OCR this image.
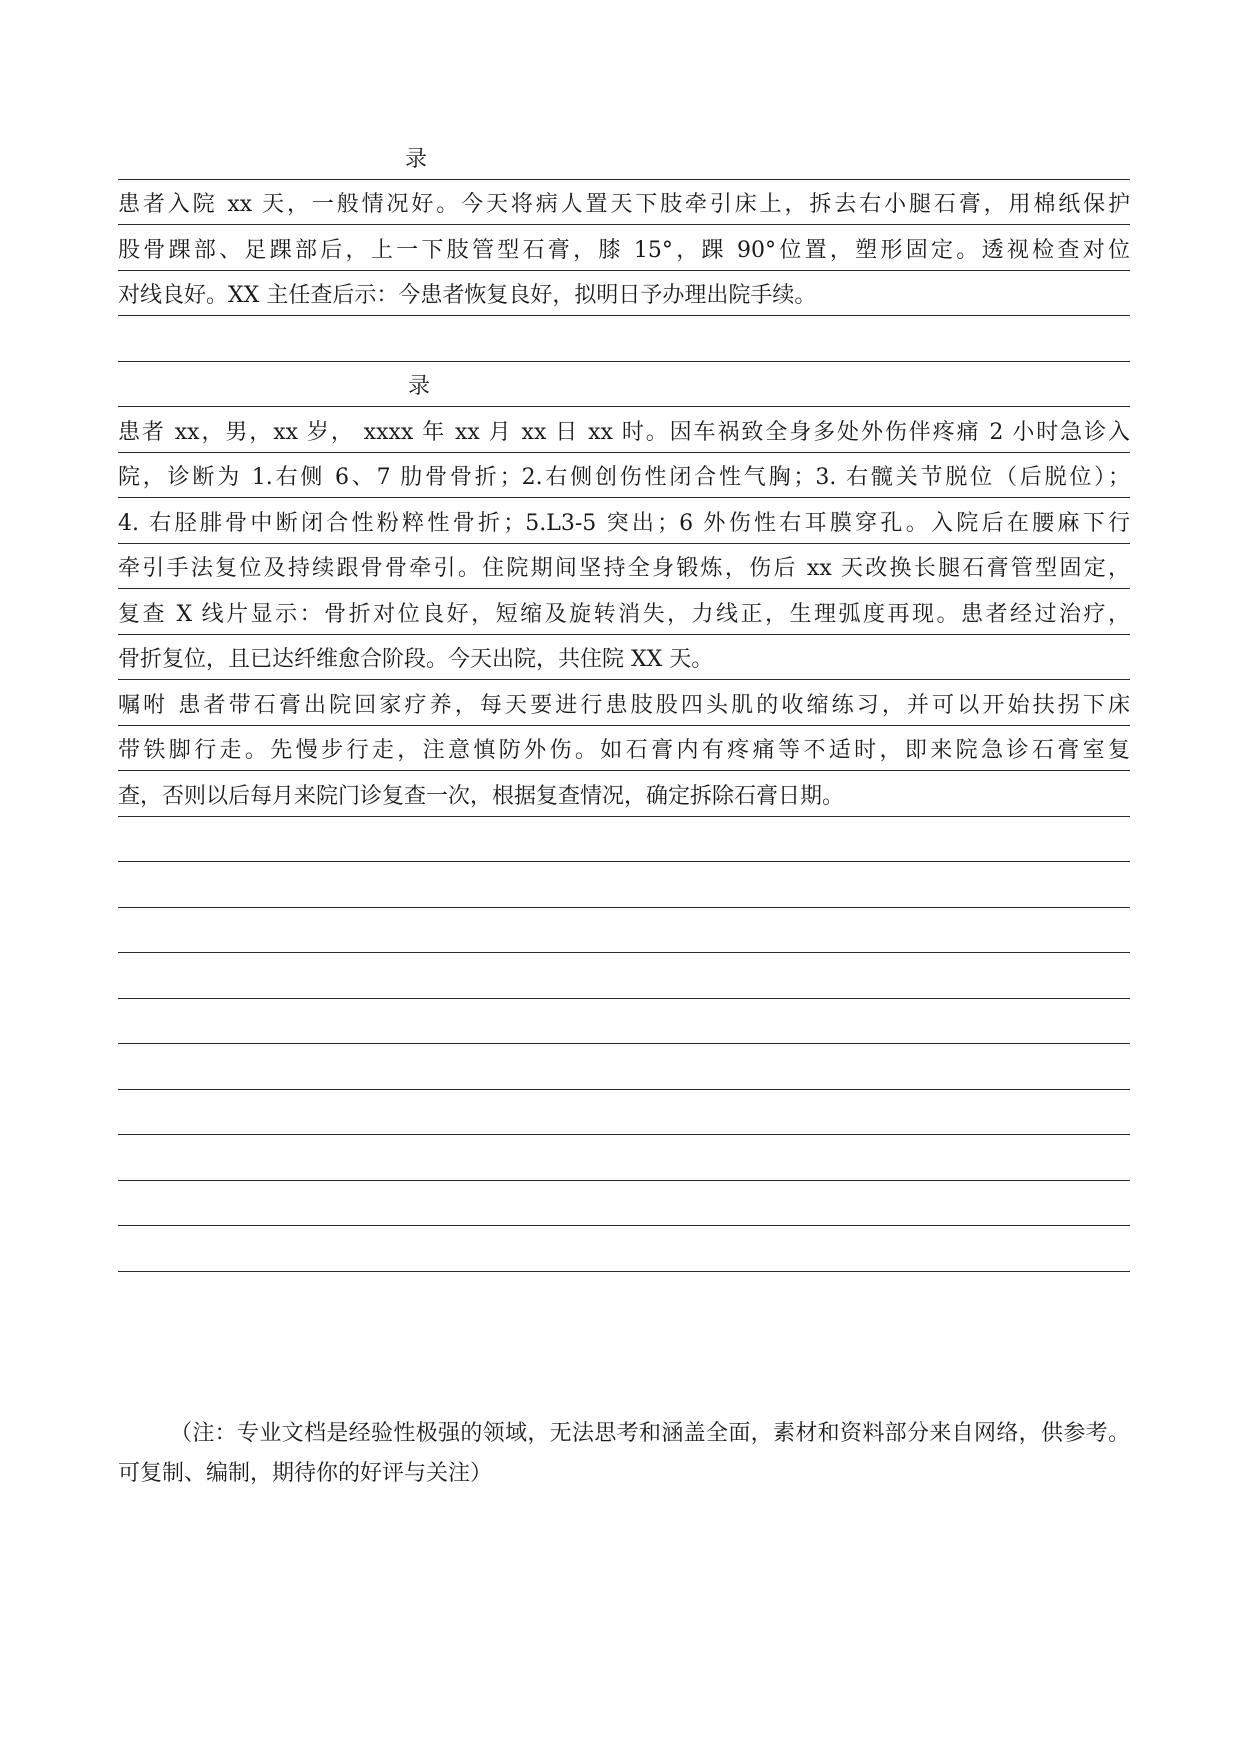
录
患者入院 xx 天，一般情况好。今天将病人置天下肢牵引床上，拆去右小腿石膏，用棉纸保护
股骨踝部、足踝部后，上一下肢管型石膏，膝 15°，踝 90°位置，塑形固定。透视检查对位
对线良好。XX 主任查后示：今患者恢复良好，拟明日予办理出院手续。
录
患者 xx，男，xx 岁， xxxx 年 xx 月 xx 日 xx 时。因车祸致全身多处外伤伴疼痛 2 小时急诊入
院，诊断为 1.右侧 6、7 肋骨骨折；2.右侧创伤性闭合性气胸；3. 右髋关节脱位（后脱位）；
4. 右胫腓骨中断闭合性粉粹性骨折；5.L3-5 突出；6 外伤性右耳膜穿孔。入院后在腰麻下行
牵引手法复位及持续跟骨骨牵引。住院期间坚持全身锻炼，伤后 xx 天改换长腿石膏管型固定，
复查 X 线片显示：骨折对位良好，短缩及旋转消失，力线正，生理弧度再现。患者经过治疗，
骨折复位，且已达纤维愈合阶段。今天出院，共住院 XX 天。
嘱咐 患者带石膏出院回家疗养，每天要进行患肢股四头肌的收缩练习，并可以开始扶拐下床
带铁脚行走。先慢步行走，注意慎防外伤。如石膏内有疼痛等不适时，即来院急诊石膏室复
查，否则以后每月来院门诊复查一次，根据复查情况，确定拆除石膏日期。
（注：专业文档是经验性极强的领域，无法思考和涵盖全面，素材和资料部分来自网络，供参考。可复制、编制，期待你的好评与关注）
